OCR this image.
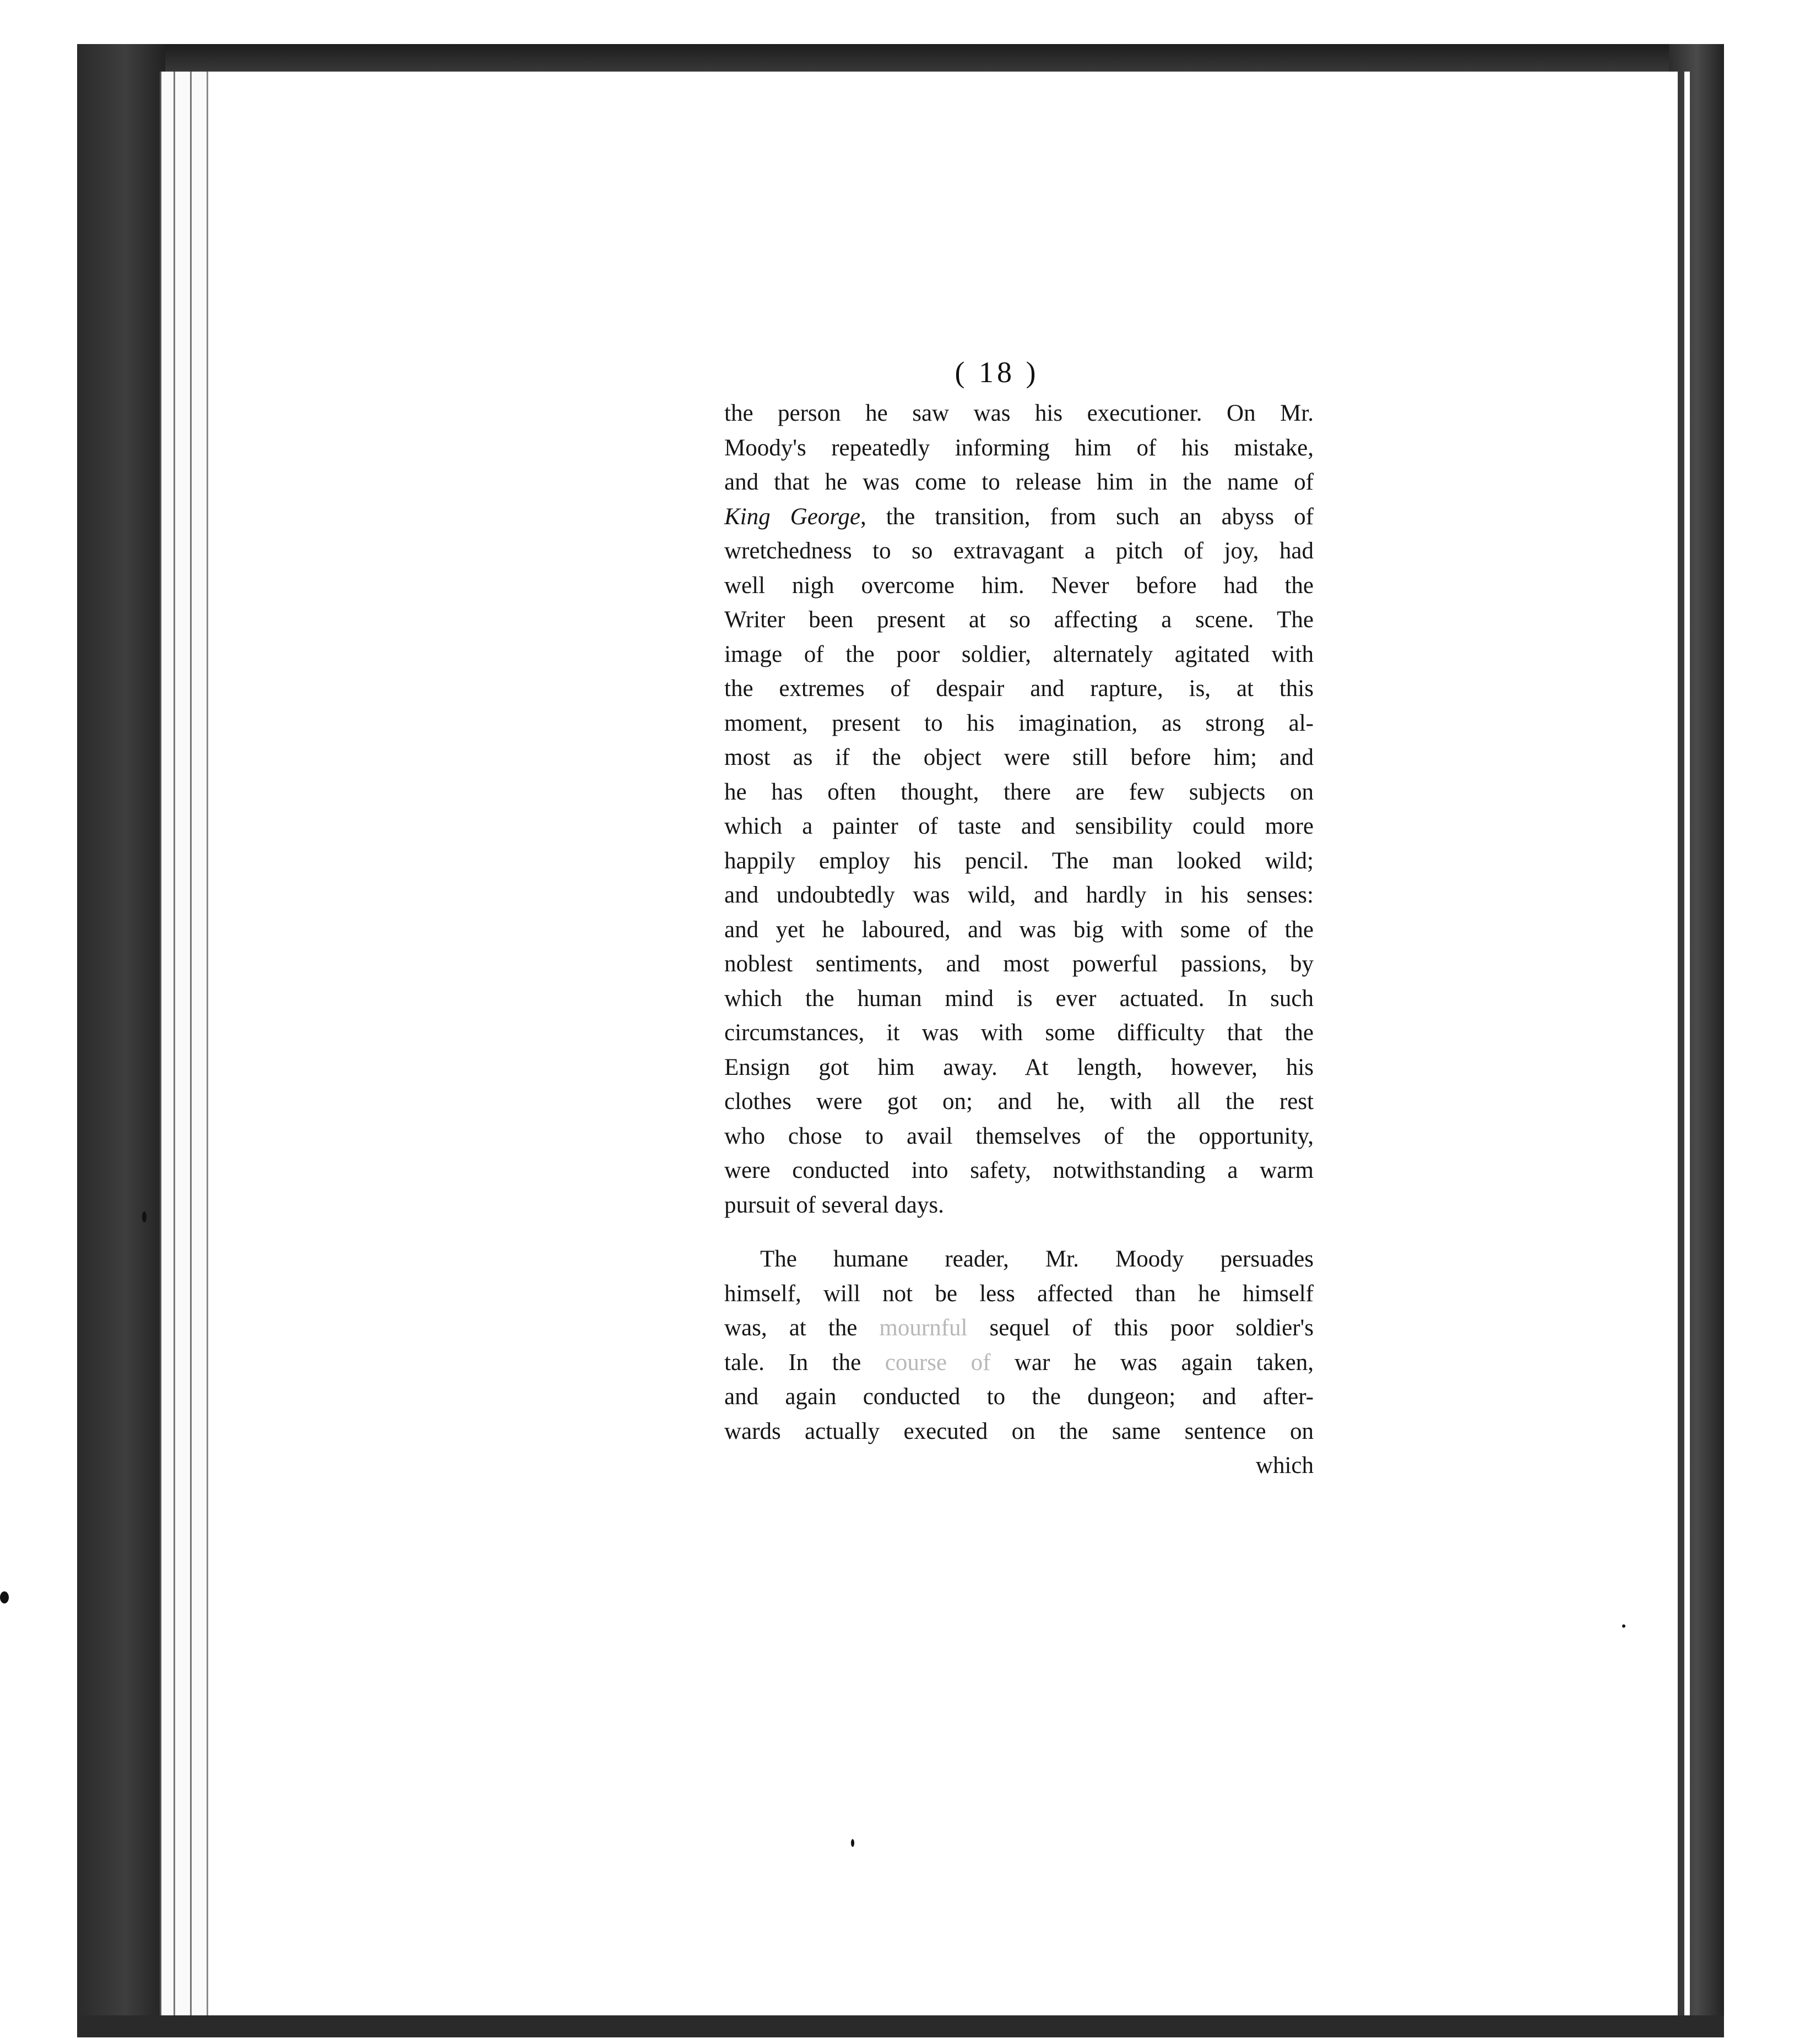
( 18 )
the person he saw was his executioner. On Mr.
Moody's repeatedly informing him of his mistake,
and that he was come to release him in the name of
King George, the transition, from such an abyss of
wretchedness to so extravagant a pitch of joy, had
well nigh overcome him. Never before had the
Writer been present at so affecting a scene. The
image of the poor soldier, alternately agitated with
the extremes of despair and rapture, is, at this
moment, present to his imagination, as strong al-
most as if the object were still before him; and
he has often thought, there are few subjects on
which a painter of taste and sensibility could more
happily employ his pencil. The man looked wild;
and undoubtedly was wild, and hardly in his senses:
and yet he laboured, and was big with some of the
noblest sentiments, and most powerful passions, by
which the human mind is ever actuated. In such
circumstances, it was with some difficulty that the
Ensign got him away. At length, however, his
clothes were got on; and he, with all the rest
who chose to avail themselves of the opportunity,
were conducted into safety, notwithstanding a warm
pursuit of several days.
The humane reader, Mr. Moody persuades
himself, will not be less affected than he himself
was, at the mournful sequel of this poor soldier's
tale. In the course of war he was again taken,
and again conducted to the dungeon; and after-
wards actually executed on the same sentence on
which
